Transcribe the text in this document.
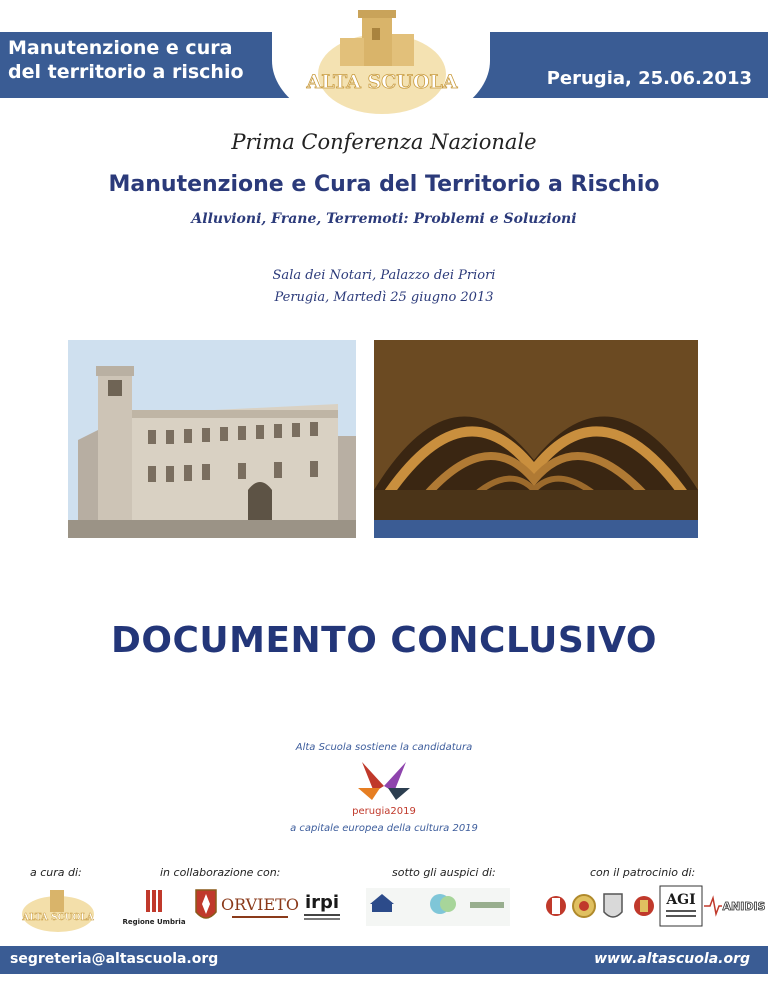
Manutenzione e cura
del territorio a rischio	Perugia, 25.06.2013
ALTA SCUOLA
Prima Conferenza Nazionale
Manutenzione e Cura del Territorio a Rischio
Alluvioni, Frane, Terremoti: Problemi e Soluzioni
Sala dei Notari, Palazzo dei Priori
Perugia, Martedì 25 giugno 2013
DOCUMENTO CONCLUSIVO
Alta Scuola sostiene la candidatura
perugia2019
a capitale europea della cultura 2019
a cura di:	in collaborazione con:	sotto gli auspici di:	con il patrocinio di:
ALTA SCUOLA	Regione Umbria
ORVIETO irpi	AGI ANIDIS
segreteria@altascuola.org	www.altascuola.org
